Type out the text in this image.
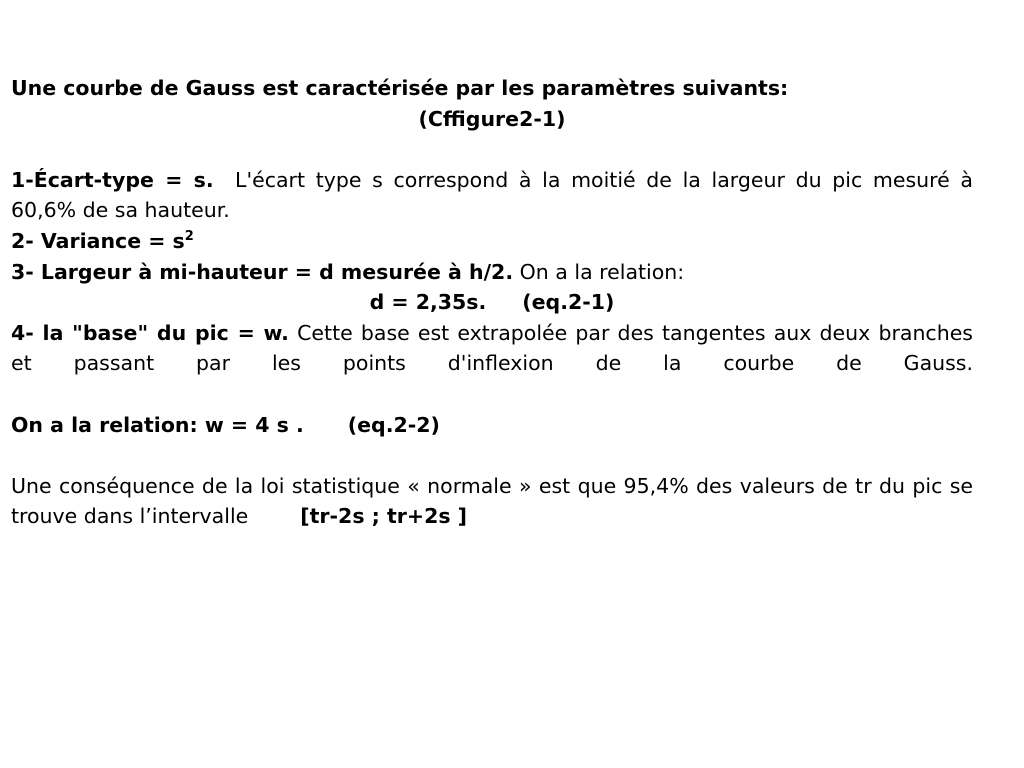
Une courbe de Gauss est caractérisée par les paramètres suivants:
(Cffigure2-1)
1-Écart-type = s. L'écart type s correspond à la moitié de la largeur du pic mesuré à 60,6% de sa hauteur.
2- Variance = $s^2$
3- Largeur à mi-hauteur = d mesurée à h/2. On a la relation:
d = 2,35s. (eq.2-1)
4- la "base" du pic = w. Cette base est extrapolée par des tangentes aux deux branches et passant par les points d'inflexion de la courbe de Gauss.
On a la relation: w = 4 s . (eq.2-2)
Une conséquence de la loi statistique « normale » est que 95,4% des valeurs de tr du pic se trouve dans l’intervalle	[tr-2s ; tr+2s ]
